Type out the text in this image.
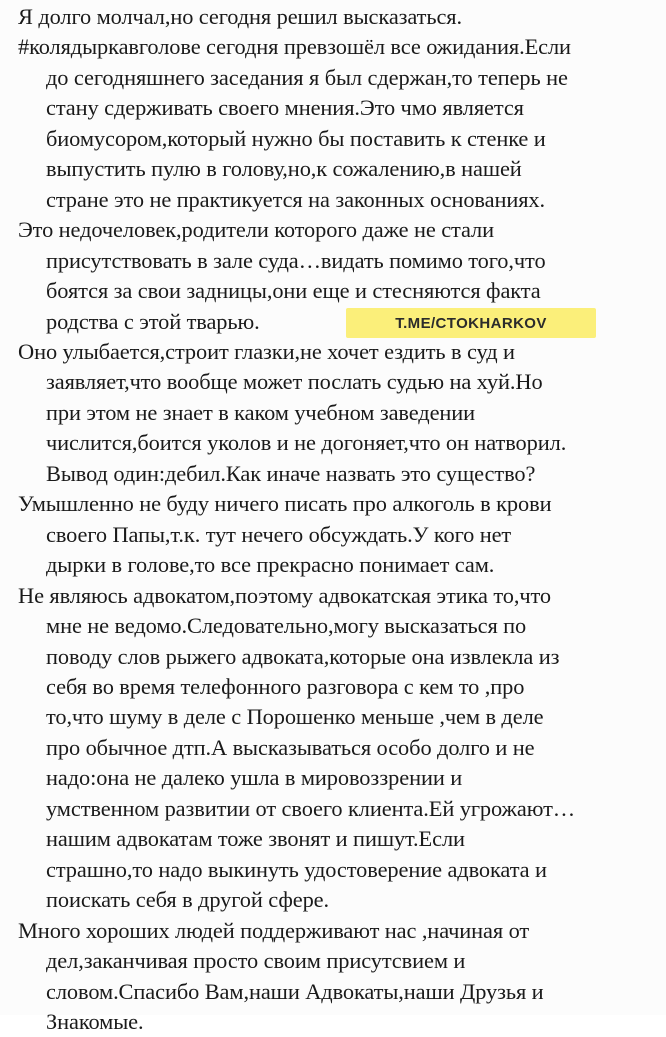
Я долго молчал,но сегодня решил высказаться.
#колядыркавголове сегодня превзошёл все ожидания.Если
до сегодняшнего заседания я был сдержан,то теперь не
стану сдерживать своего мнения.Это чмо является
биомусором,который нужно бы поставить к стенке и
выпустить пулю в голову,но,к сожалению,в нашей
стране это не практикуется на законных основаниях.
Это недочеловек,родители которого даже не стали
присутствовать в зале суда…видать помимо того,что
боятся за свои задницы,они еще и стесняются факта
родства с этой тварью.
Оно улыбается,строит глазки,не хочет ездить в суд и
заявляет,что вообще может послать судью на хуй.Но
при этом не знает в каком учебном заведении
числится,боится уколов и не догоняет,что он натворил.
Вывод один:дебил.Как иначе назвать это существо?
Умышленно не буду ничего писать про алкоголь в крови
своего Папы,т.к. тут нечего обсуждать.У кого нет
дырки в голове,то все прекрасно понимает сам.
Не являюсь адвокатом,поэтому адвокатская этика то,что
мне не ведомо.Следовательно,могу высказаться по
поводу слов рыжего адвоката,которые она извлекла из
себя во время телефонного разговора с кем то ,про
то,что шуму в деле с Порошенко меньше ,чем в деле
про обычное дтп.А высказываться особо долго и не
надо:она не далеко ушла в мировоззрении и
умственном развитии от своего клиента.Ей угрожают…
нашим адвокатам тоже звонят и пишут.Если
страшно,то надо выкинуть удостоверение адвоката и
поискать себя в другой сфере.
Много хороших людей поддерживают нас ,начиная от
дел,заканчивая просто своим присутсвием и
словом.Спасибо Вам,наши Адвокаты,наши Друзья и
Знакомые.
T.ME/CTOKHARKOV
